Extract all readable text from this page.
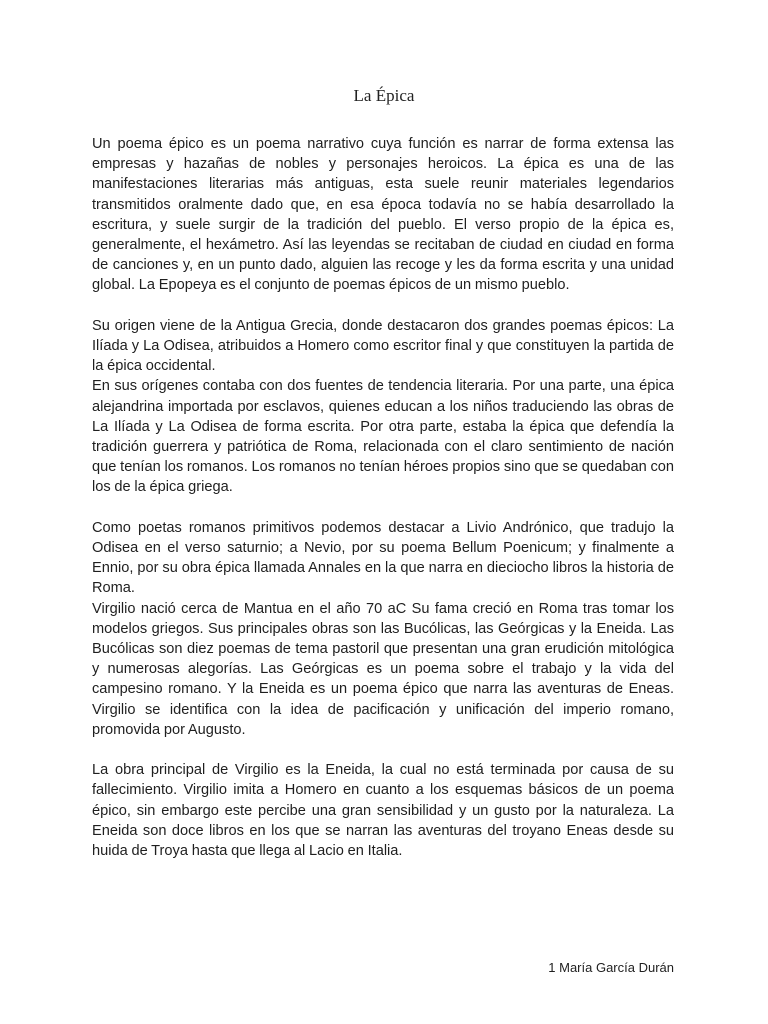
La Épica

Un poema épico es un poema narrativo cuya función es narrar de forma extensa las empresas y hazañas de nobles y personajes heroicos. La épica es una de las manifestaciones literarias más antiguas, esta suele reunir materiales legendarios transmitidos oralmente dado que, en esa época todavía no se había desarrollado la escritura, y suele surgir de la tradición del pueblo. El verso propio de la épica es, generalmente, el hexámetro. Así las leyendas se recitaban de ciudad en ciudad en forma de canciones y, en un punto dado, alguien las recoge y les da forma escrita y una unidad global. La Epopeya es el conjunto de poemas épicos de un mismo pueblo.

Su origen viene de la Antigua Grecia, donde destacaron dos grandes poemas épicos: La Ilíada y La Odisea, atribuidos a Homero como escritor final y que constituyen la partida de la épica occidental.

En sus orígenes contaba con dos fuentes de tendencia literaria. Por una parte, una épica alejandrina importada por esclavos, quienes educan a los niños traduciendo las obras de La Ilíada y La Odisea de forma escrita. Por otra parte, estaba la épica que defendía la tradición guerrera y patriótica de Roma, relacionada con el claro sentimiento de nación que tenían los romanos. Los romanos no tenían héroes propios sino que se quedaban con los de la épica griega.

Como poetas romanos primitivos podemos destacar a Livio Andrónico, que tradujo la Odisea en el verso saturnio; a Nevio, por su poema Bellum Poenicum; y finalmente a Ennio, por su obra épica llamada Annales en la que narra en dieciocho libros la historia de Roma.

Virgilio nació cerca de Mantua en el año 70 aC Su fama creció en Roma tras tomar los modelos griegos. Sus principales obras son las Bucólicas, las Geórgicas y la Eneida. Las Bucólicas son diez poemas de tema pastoril que presentan una gran erudición mitológica y numerosas alegorías. Las Geórgicas es un poema sobre el trabajo y la vida del campesino romano. Y la Eneida es un poema épico que narra las aventuras de Eneas. Virgilio se identifica con la idea de pacificación y unificación del imperio romano, promovida por Augusto.

La obra principal de Virgilio es la Eneida, la cual no está terminada por causa de su fallecimiento. Virgilio imita a Homero en cuanto a los esquemas básicos de un poema épico, sin embargo este percibe una gran sensibilidad y un gusto por la naturaleza. La Eneida son doce libros en los que se narran las aventuras del troyano Eneas desde su huida de Troya hasta que llega al Lacio en Italia.

1 María García Durán
